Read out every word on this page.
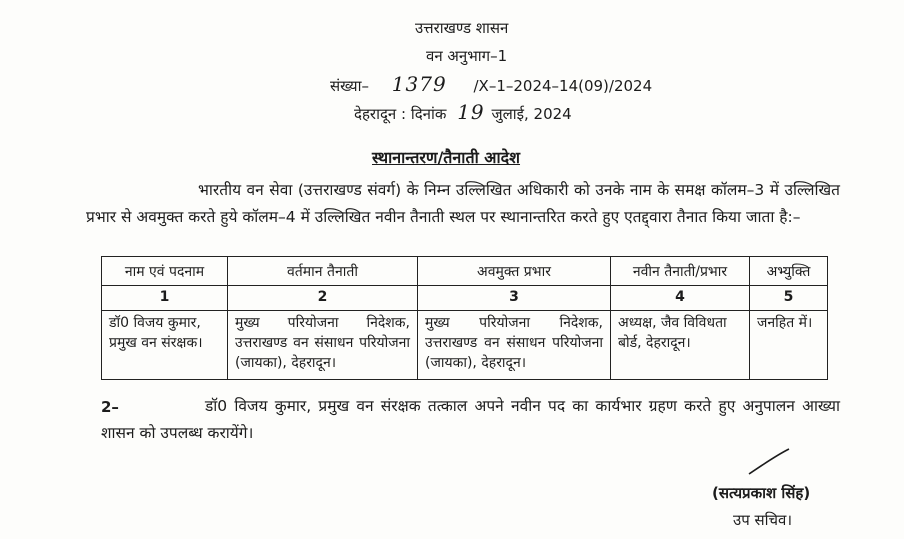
उत्तराखण्ड शासन
वन अनुभाग–1
संख्या– 1379 /X–1–2024–14(09)/2024
देहरादून : दिनांक 19 जुलाई, 2024
स्थानान्तरण/तैनाती आदेश
भारतीय वन सेवा (उत्तराखण्ड संवर्ग) के निम्न उल्लिखित अधिकारी को उनके नाम के समक्ष कॉलम–3 में उल्लिखित प्रभार से अवमुक्त करते हुये कॉलम–4 में उल्लिखित नवीन तैनाती स्थल पर स्थानान्तरित करते हुए एतद्द्वारा तैनात किया जाता है:–
नाम एवं पदनाम	वर्तमान तैनाती	अवमुक्त प्रभार	नवीन तैनाती/प्रभार	अभ्युक्ति
1	2	3	4	5
डॉ0 विजय कुमार, प्रमुख वन संरक्षक।	मुख्य परियोजना निदेशक, उत्तराखण्ड वन संसाधन परियोजना (जायका), देहरादून।	मुख्य परियोजना निदेशक, उत्तराखण्ड वन संसाधन परियोजना (जायका), देहरादून।	अध्यक्ष, जैव विविधता बोर्ड, देहरादून।	जनहित में।
2–	डॉ0 विजय कुमार, प्रमुख वन संरक्षक तत्काल अपने नवीन पद का कार्यभार ग्रहण करते हुए अनुपालन आख्या शासन को उपलब्ध करायेंगे।
(सत्यप्रकाश सिंह)
उप सचिव।
